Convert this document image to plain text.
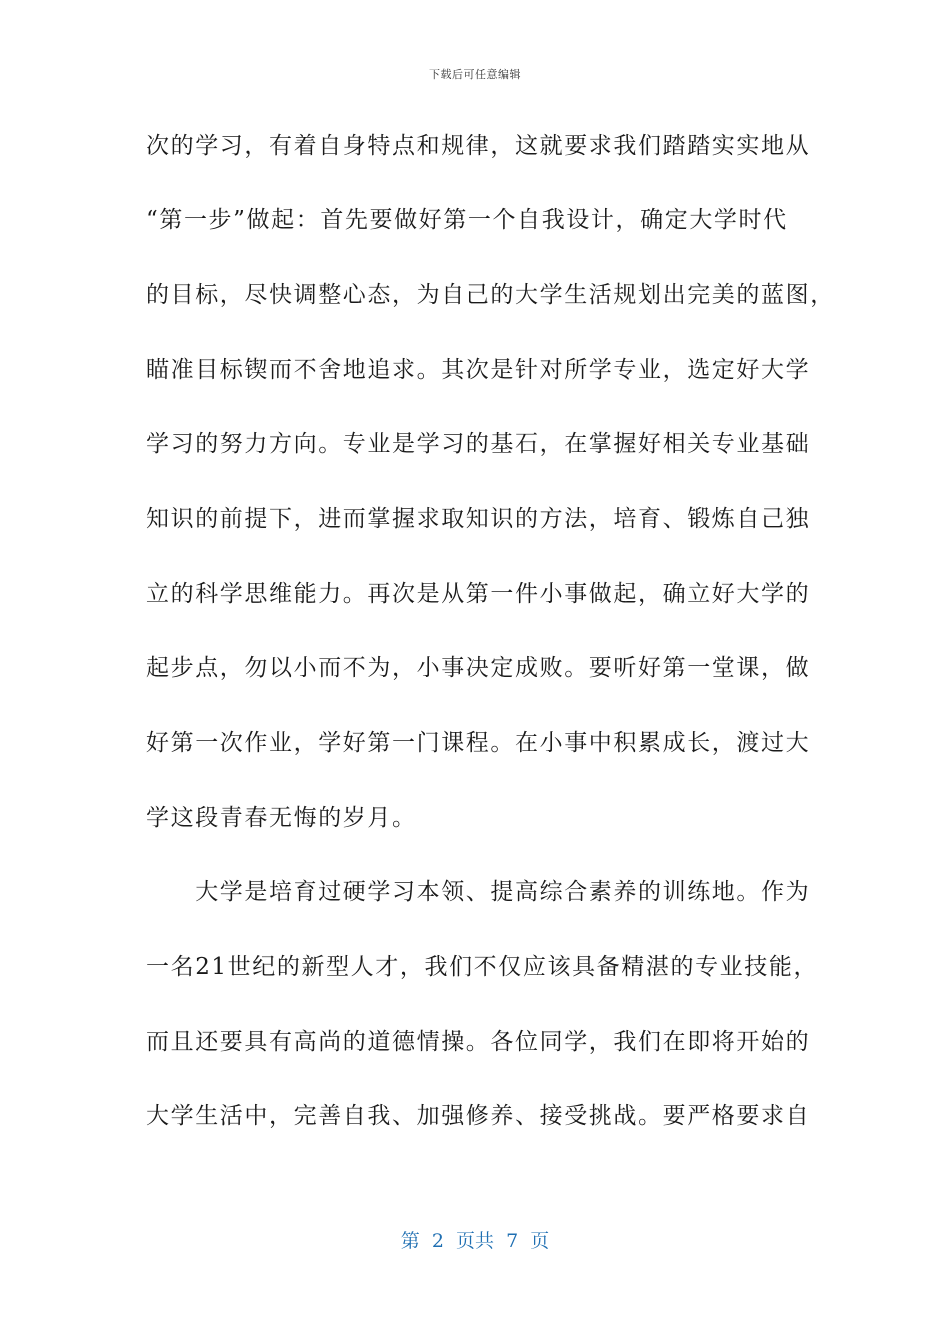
下载后可任意编辑
次的学习，有着自身特点和规律，这就要求我们踏踏实实地从
“第一步”做起：首先要做好第一个自我设计，确定大学时代
的目标，尽快调整心态，为自己的大学生活规划出完美的蓝图，
瞄准目标锲而不舍地追求。其次是针对所学专业，选定好大学
学习的努力方向。专业是学习的基石，在掌握好相关专业基础
知识的前提下，进而掌握求取知识的方法，培育、锻炼自己独
立的科学思维能力。再次是从第一件小事做起，确立好大学的
起步点，勿以小而不为，小事决定成败。要听好第一堂课，做
好第一次作业，学好第一门课程。在小事中积累成长，渡过大
学这段青春无悔的岁月。
　　大学是培育过硬学习本领、提高综合素养的训练地。作为
一名21世纪的新型人才，我们不仅应该具备精湛的专业技能，
而且还要具有高尚的道德情操。各位同学，我们在即将开始的
大学生活中，完善自我、加强修养、接受挑战。要严格要求自
第  2  页共  7  页
